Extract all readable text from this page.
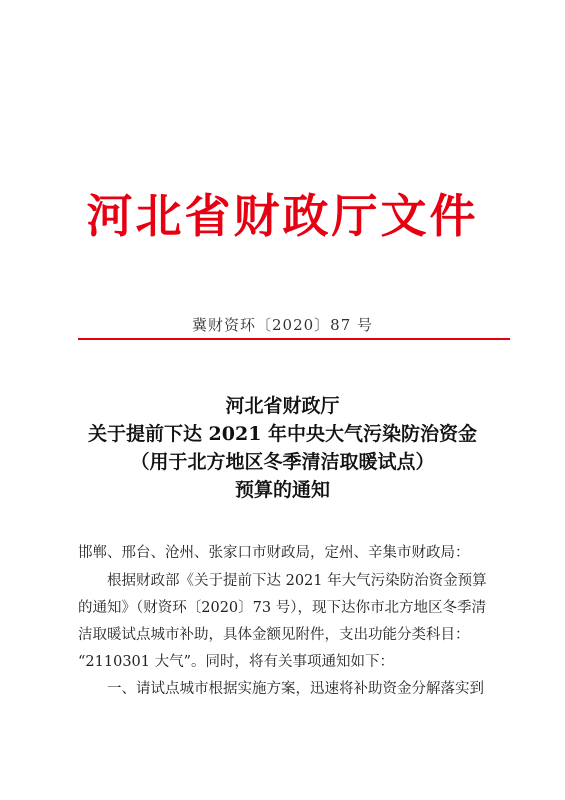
河北省财政厅文件
冀财资环〔2020〕87 号
河北省财政厅
关于提前下达 2021 年中央大气污染防治资金
（用于北方地区冬季清洁取暖试点）
预算的通知
邯郸、邢台、沧州、张家口市财政局，定州、辛集市财政局：
根据财政部《关于提前下达 2021 年大气污染防治资金预算
的通知》（财资环〔2020〕73 号），现下达你市北方地区冬季清
洁取暖试点城市补助，具体金额见附件，支出功能分类科目：
“2110301 大气”。同时，将有关事项通知如下：
一、请试点城市根据实施方案，迅速将补助资金分解落实到
